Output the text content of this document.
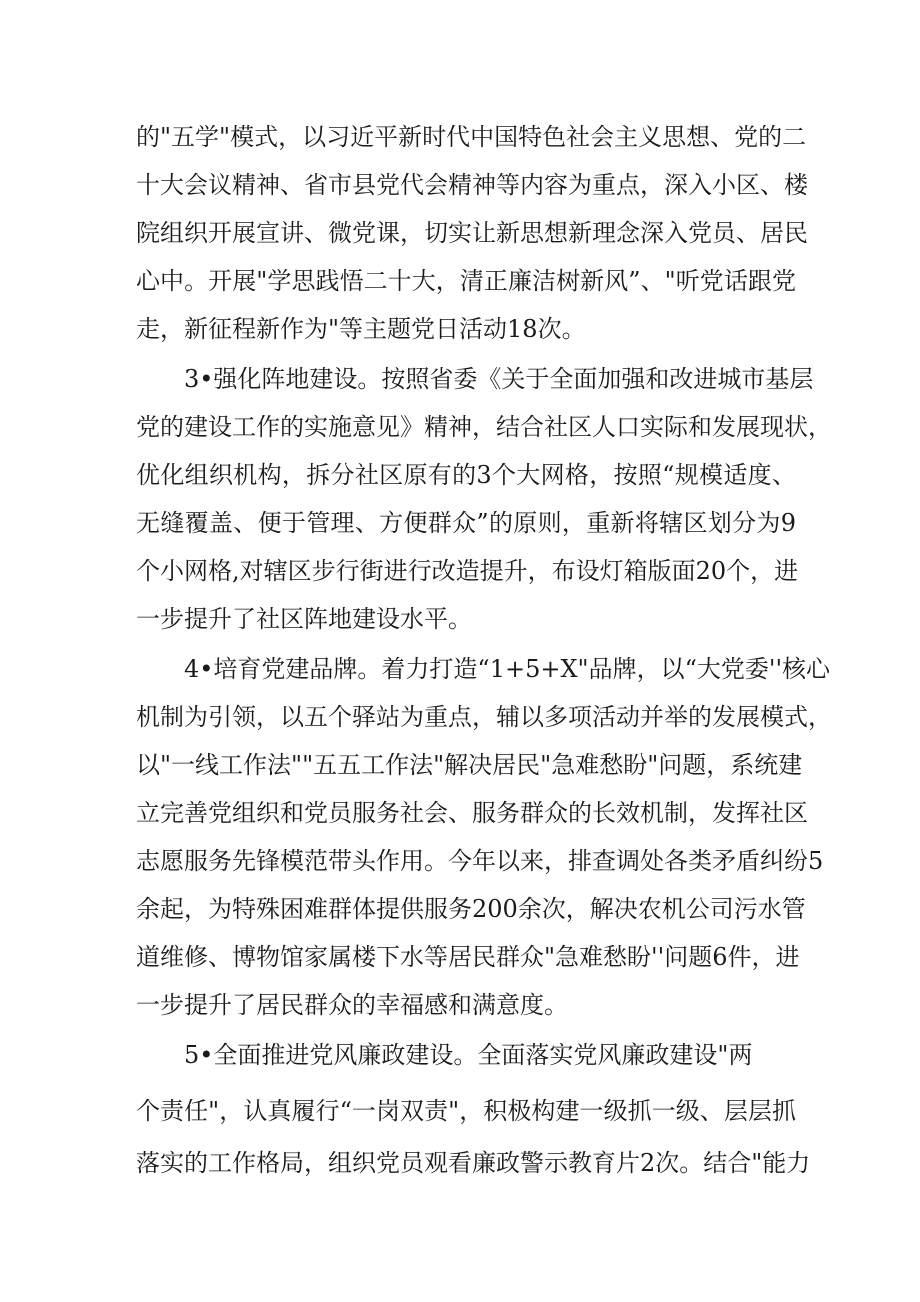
的"五学"模式，以习近平新时代中国特色社会主义思想、党的二
十大会议精神、省市县党代会精神等内容为重点，深入小区、楼
院组织开展宣讲、微党课，切实让新思想新理念深入党员、居民
心中。开展"学思践悟二十大，清正廉洁树新风”、"听党话跟党
走，新征程新作为"等主题党日活动18次。
3•强化阵地建设。按照省委《关于全面加强和改进城市基层
党的建设工作的实施意见》精神，结合社区人口实际和发展现状，
优化组织机构，拆分社区原有的3个大网格，按照“规模适度、
无缝覆盖、便于管理、方便群众”的原则，重新将辖区划分为9
个小网格,对辖区步行街进行改造提升，布设灯箱版面20个，进
一步提升了社区阵地建设水平。
4•培育党建品牌。着力打造“1+5+X"品牌，以“大党委''核心
机制为引领，以五个驿站为重点，辅以多项活动并举的发展模式，
以"一线工作法""五五工作法"解决居民"急难愁盼"问题，系统建
立完善党组织和党员服务社会、服务群众的长效机制，发挥社区
志愿服务先锋模范带头作用。今年以来，排查调处各类矛盾纠纷5
余起，为特殊困难群体提供服务200余次，解决农机公司污水管
道维修、博物馆家属楼下水等居民群众"急难愁盼''问题6件，进
一步提升了居民群众的幸福感和满意度。
5•全面推进党风廉政建设。全面落实党风廉政建设"两
个责任"，认真履行“一岗双责"，积极构建一级抓一级、层层抓
落实的工作格局，组织党员观看廉政警示教育片2次。结合"能力
